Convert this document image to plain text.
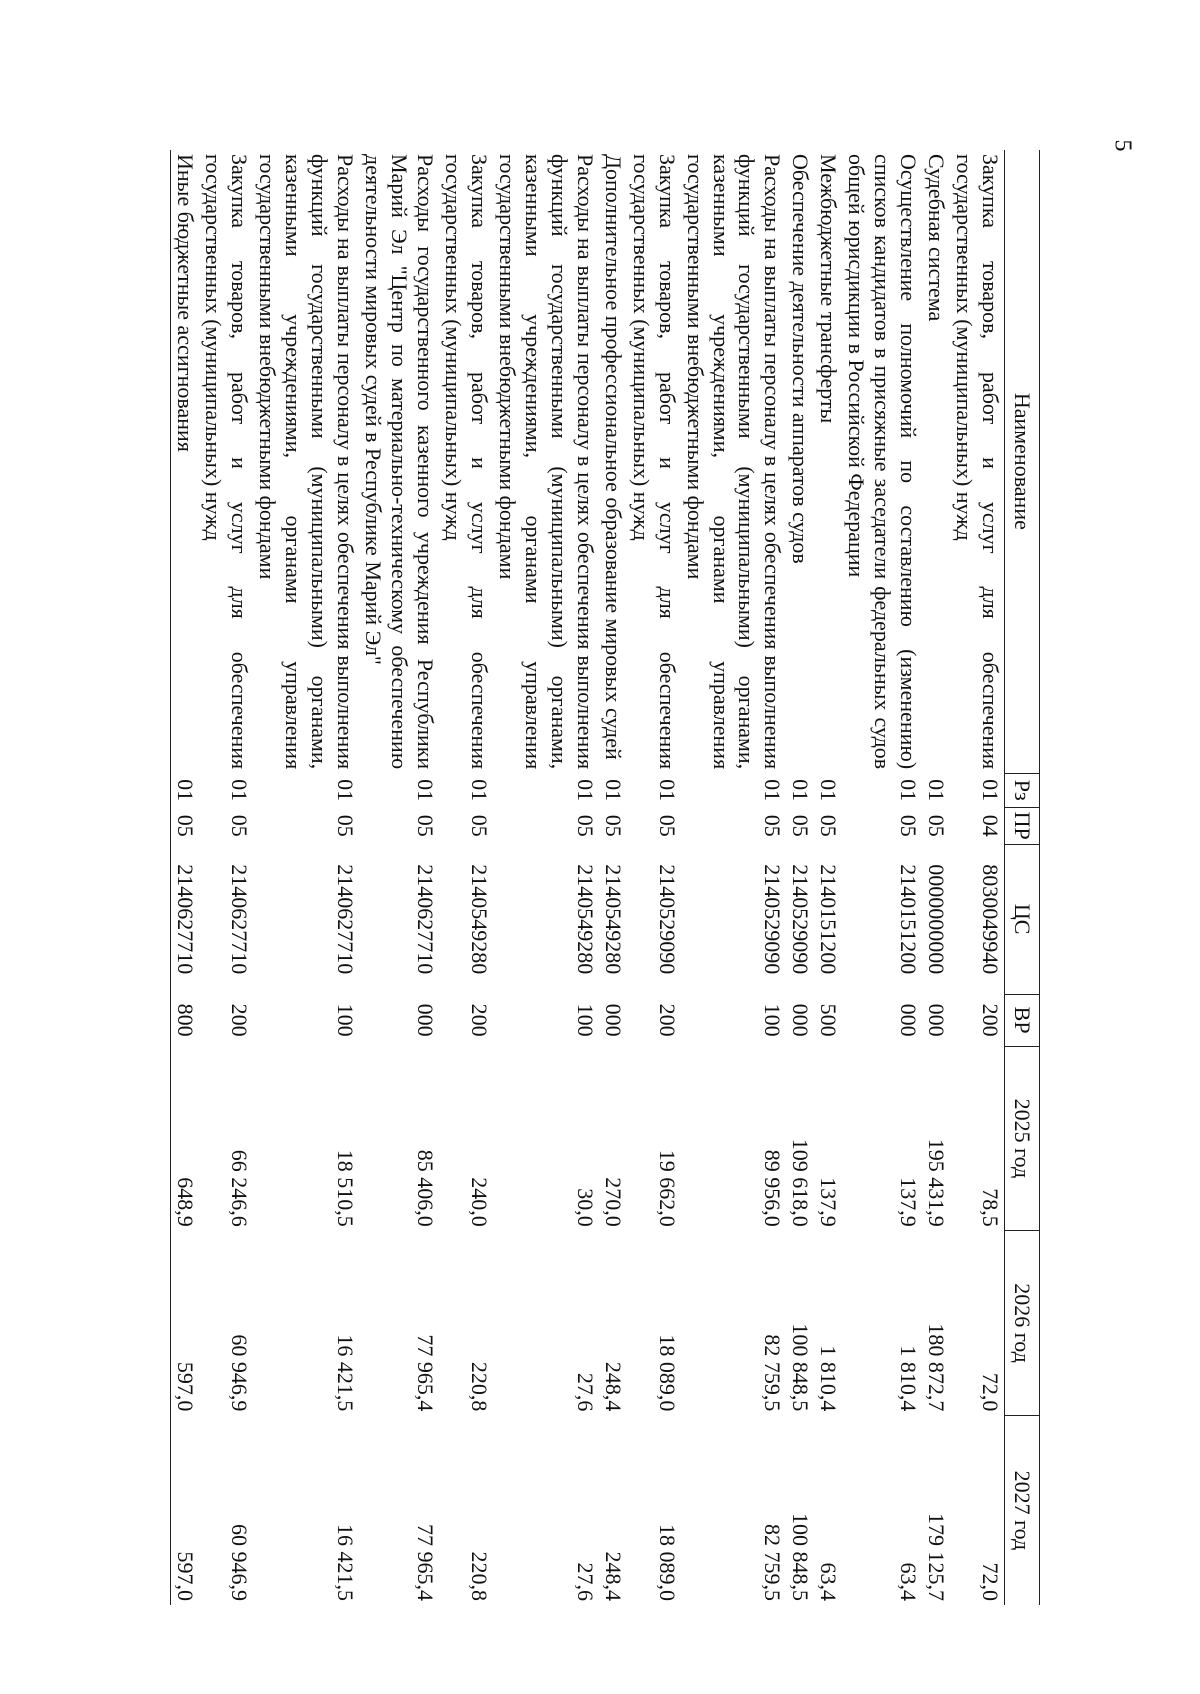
5
Наименование	Рз	ПР	ЦС	ВР	2025 год	2026 год	2027 год
Закупка товаров, работ и услуг для обеспечения государственных (муниципальных) нужд	01	04	8030049940	200	78,5	72,0	72,0
Судебная система	01	05	0000000000	000	195 431,9	180 872,7	179 125,7
Осуществление полномочий по составлению (изменению) списков кандидатов в присяжные заседатели федеральных судов общей юрисдикции в Российской Федерации	01	05	2140151200	000	137,9	1 810,4	63,4
Межбюджетные трансферты	01	05	2140151200	500	137,9	1 810,4	63,4
Обеспечение деятельности аппаратов судов	01	05	2140529090	000	109 618,0	100 848,5	100 848,5
Расходы на выплаты персоналу в целях обеспечения выполнения функций государственными (муниципальными) органами, казенными учреждениями, органами управления государственными внебюджетными фондами	01	05	2140529090	100	89 956,0	82 759,5	82 759,5
Закупка товаров, работ и услуг для обеспечения государственных (муниципальных) нужд	01	05	2140529090	200	19 662,0	18 089,0	18 089,0
Дополнительное профессиональное образование мировых судей	01	05	2140549280	000	270,0	248,4	248,4
Расходы на выплаты персоналу в целях обеспечения выполнения функций государственными (муниципальными) органами, казенными учреждениями, органами управления государственными внебюджетными фондами	01	05	2140549280	100	30,0	27,6	27,6
Закупка товаров, работ и услуг для обеспечения государственных (муниципальных) нужд	01	05	2140549280	200	240,0	220,8	220,8
Расходы государственного казенного учреждения Республики Марий Эл "Центр по материально-техническому обеспечению деятельности мировых судей в Республике Марий Эл"	01	05	2140627710	000	85 406,0	77 965,4	77 965,4
Расходы на выплаты персоналу в целях обеспечения выполнения функций государственными (муниципальными) органами, казенными учреждениями, органами управления государственными внебюджетными фондами	01	05	2140627710	100	18 510,5	16 421,5	16 421,5
Закупка товаров, работ и услуг для обеспечения государственных (муниципальных) нужд	01	05	2140627710	200	66 246,6	60 946,9	60 946,9
Иные бюджетные ассигнования	01	05	2140627710	800	648,9	597,0	597,0
